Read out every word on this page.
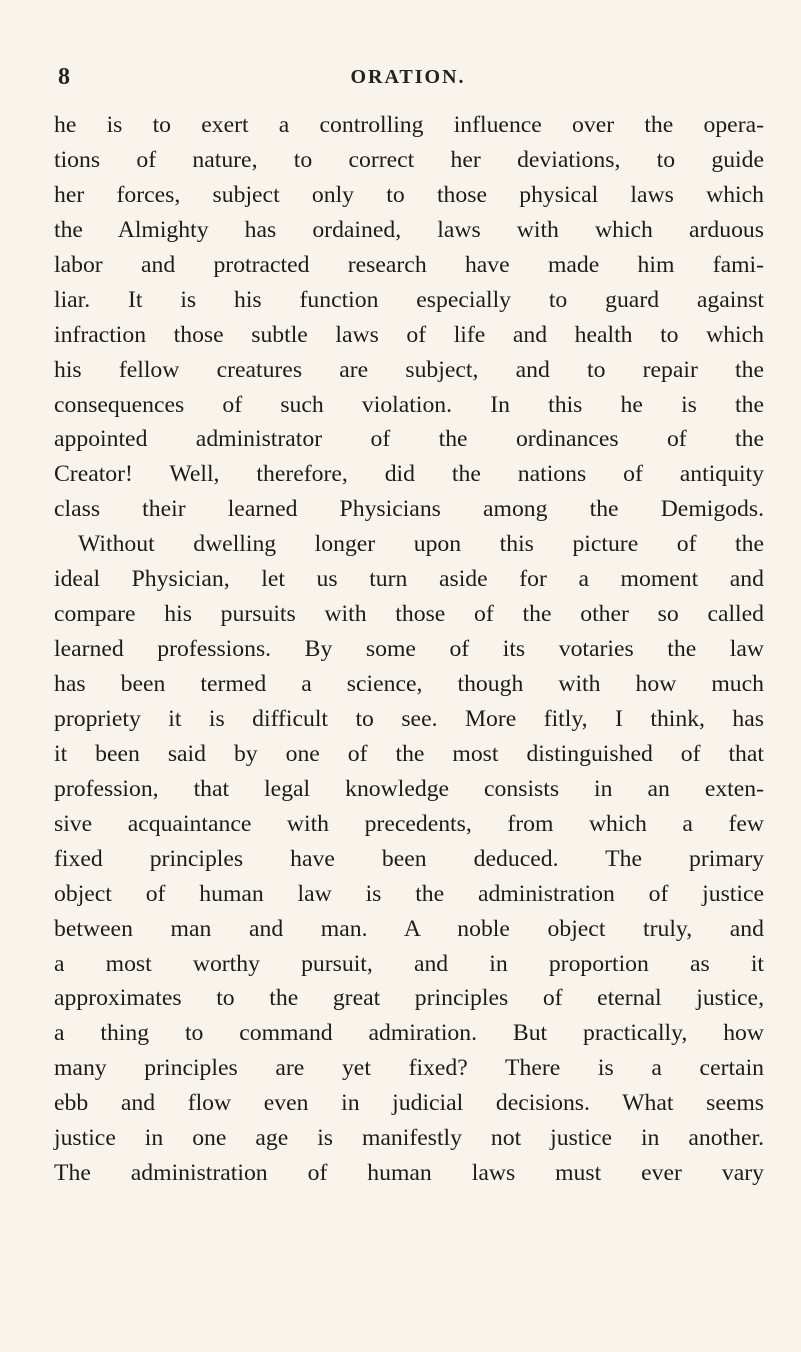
8	ORATION.
he is to exert a controlling influence over the opera-
tions of nature, to correct her deviations, to guide
her forces, subject only to those physical laws which
the Almighty has ordained, laws with which arduous
labor and protracted research have made him fami-
liar. It is his function especially to guard against
infraction those subtle laws of life and health to which
his fellow creatures are subject, and to repair the
consequences of such violation. In this he is the
appointed administrator of the ordinances of the
Creator! Well, therefore, did the nations of antiquity
class their learned Physicians among the Demigods.
Without dwelling longer upon this picture of the
ideal Physician, let us turn aside for a moment and
compare his pursuits with those of the other so called
learned professions. By some of its votaries the law
has been termed a science, though with how much
propriety it is difficult to see. More fitly, I think, has
it been said by one of the most distinguished of that
profession, that legal knowledge consists in an exten-
sive acquaintance with precedents, from which a few
fixed principles have been deduced. The primary
object of human law is the administration of justice
between man and man. A noble object truly, and
a most worthy pursuit, and in proportion as it
approximates to the great principles of eternal justice,
a thing to command admiration. But practically, how
many principles are yet fixed? There is a certain
ebb and flow even in judicial decisions. What seems
justice in one age is manifestly not justice in another.
The administration of human laws must ever vary
